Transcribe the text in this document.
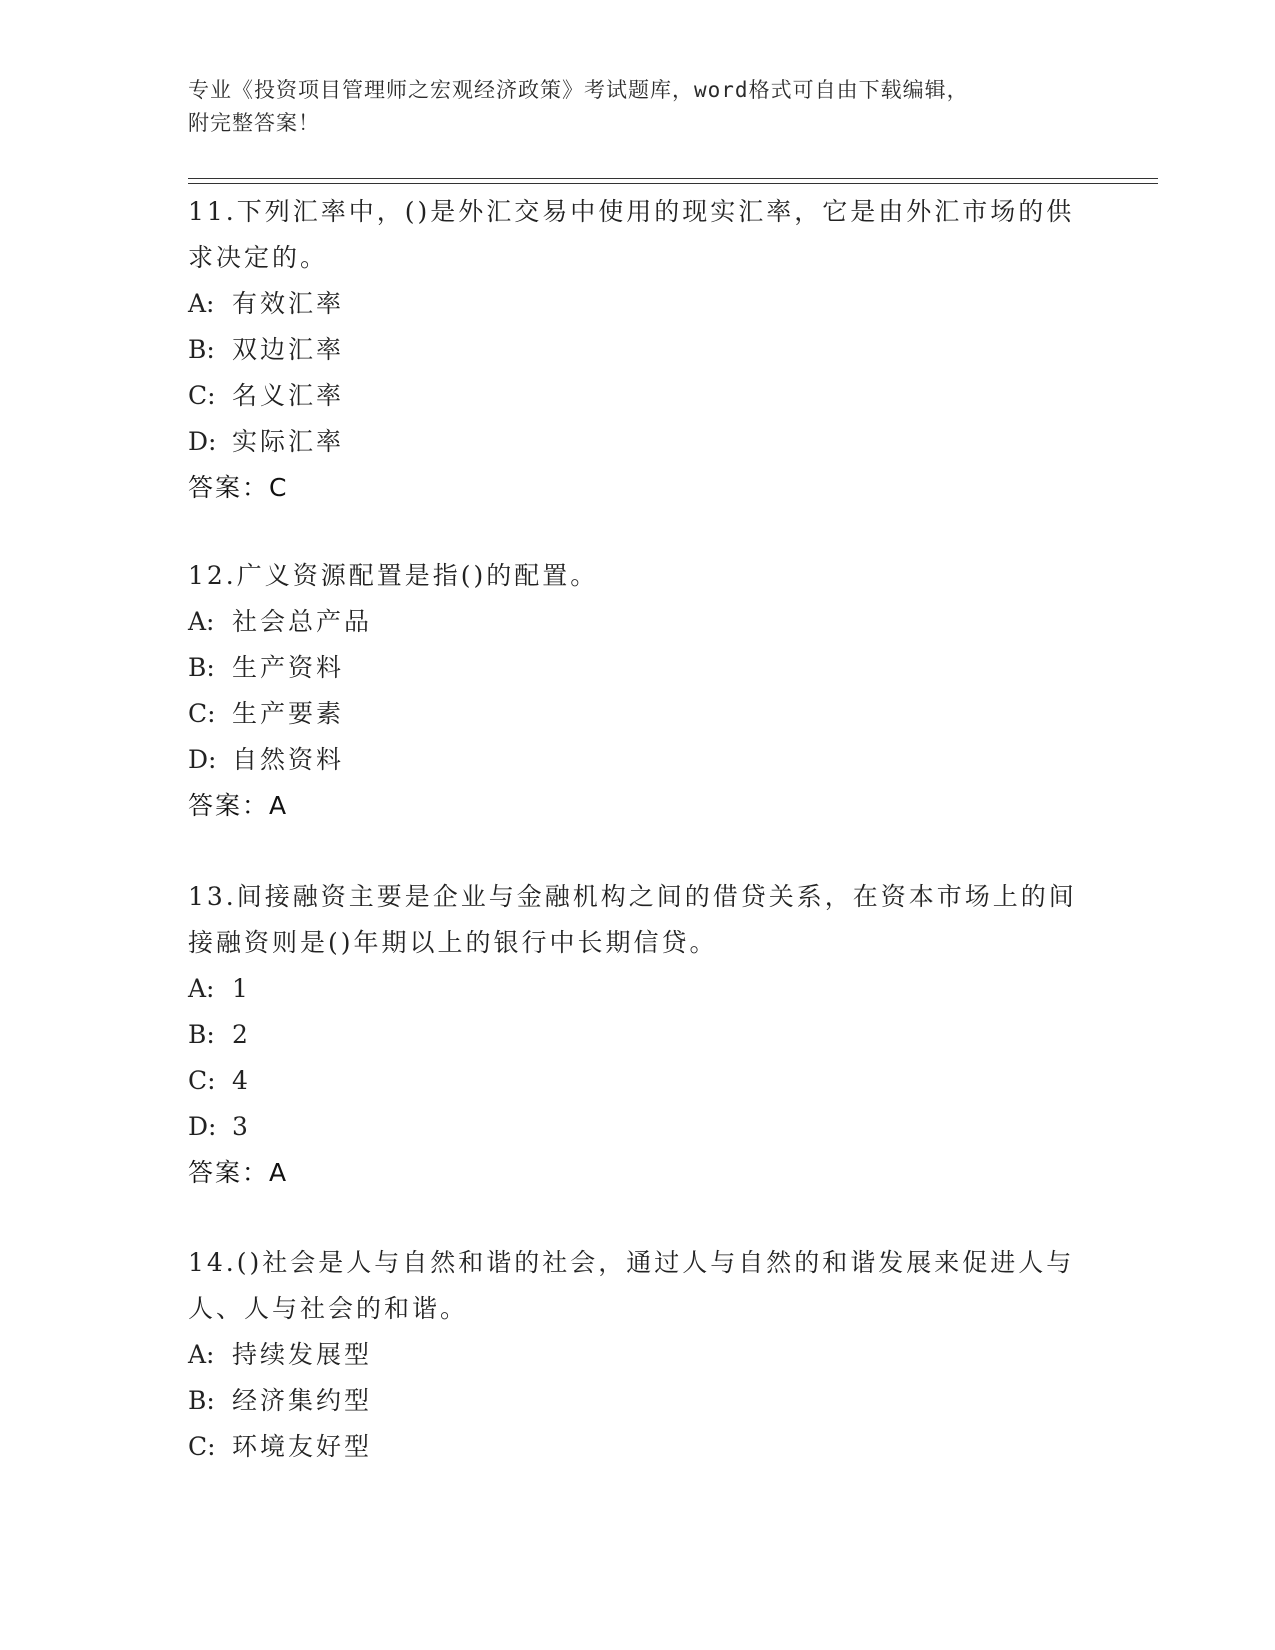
专业《投资项目管理师之宏观经济政策》考试题库，word格式可自由下载编辑，
附完整答案！

11.下列汇率中，()是外汇交易中使用的现实汇率，它是由外汇市场的供求决定的。

A: 有效汇率

B: 双边汇率

C: 名义汇率

D: 实际汇率

答案：C

12.广义资源配置是指()的配置。

A: 社会总产品

B: 生产资料

C: 生产要素

D: 自然资料

答案：A

13.间接融资主要是企业与金融机构之间的借贷关系，在资本市场上的间接融资则是()年期以上的银行中长期信贷。

A: 1

B: 2

C: 4

D: 3

答案：A

14.()社会是人与自然和谐的社会，通过人与自然的和谐发展来促进人与人、人与社会的和谐。

A: 持续发展型

B: 经济集约型

C: 环境友好型
